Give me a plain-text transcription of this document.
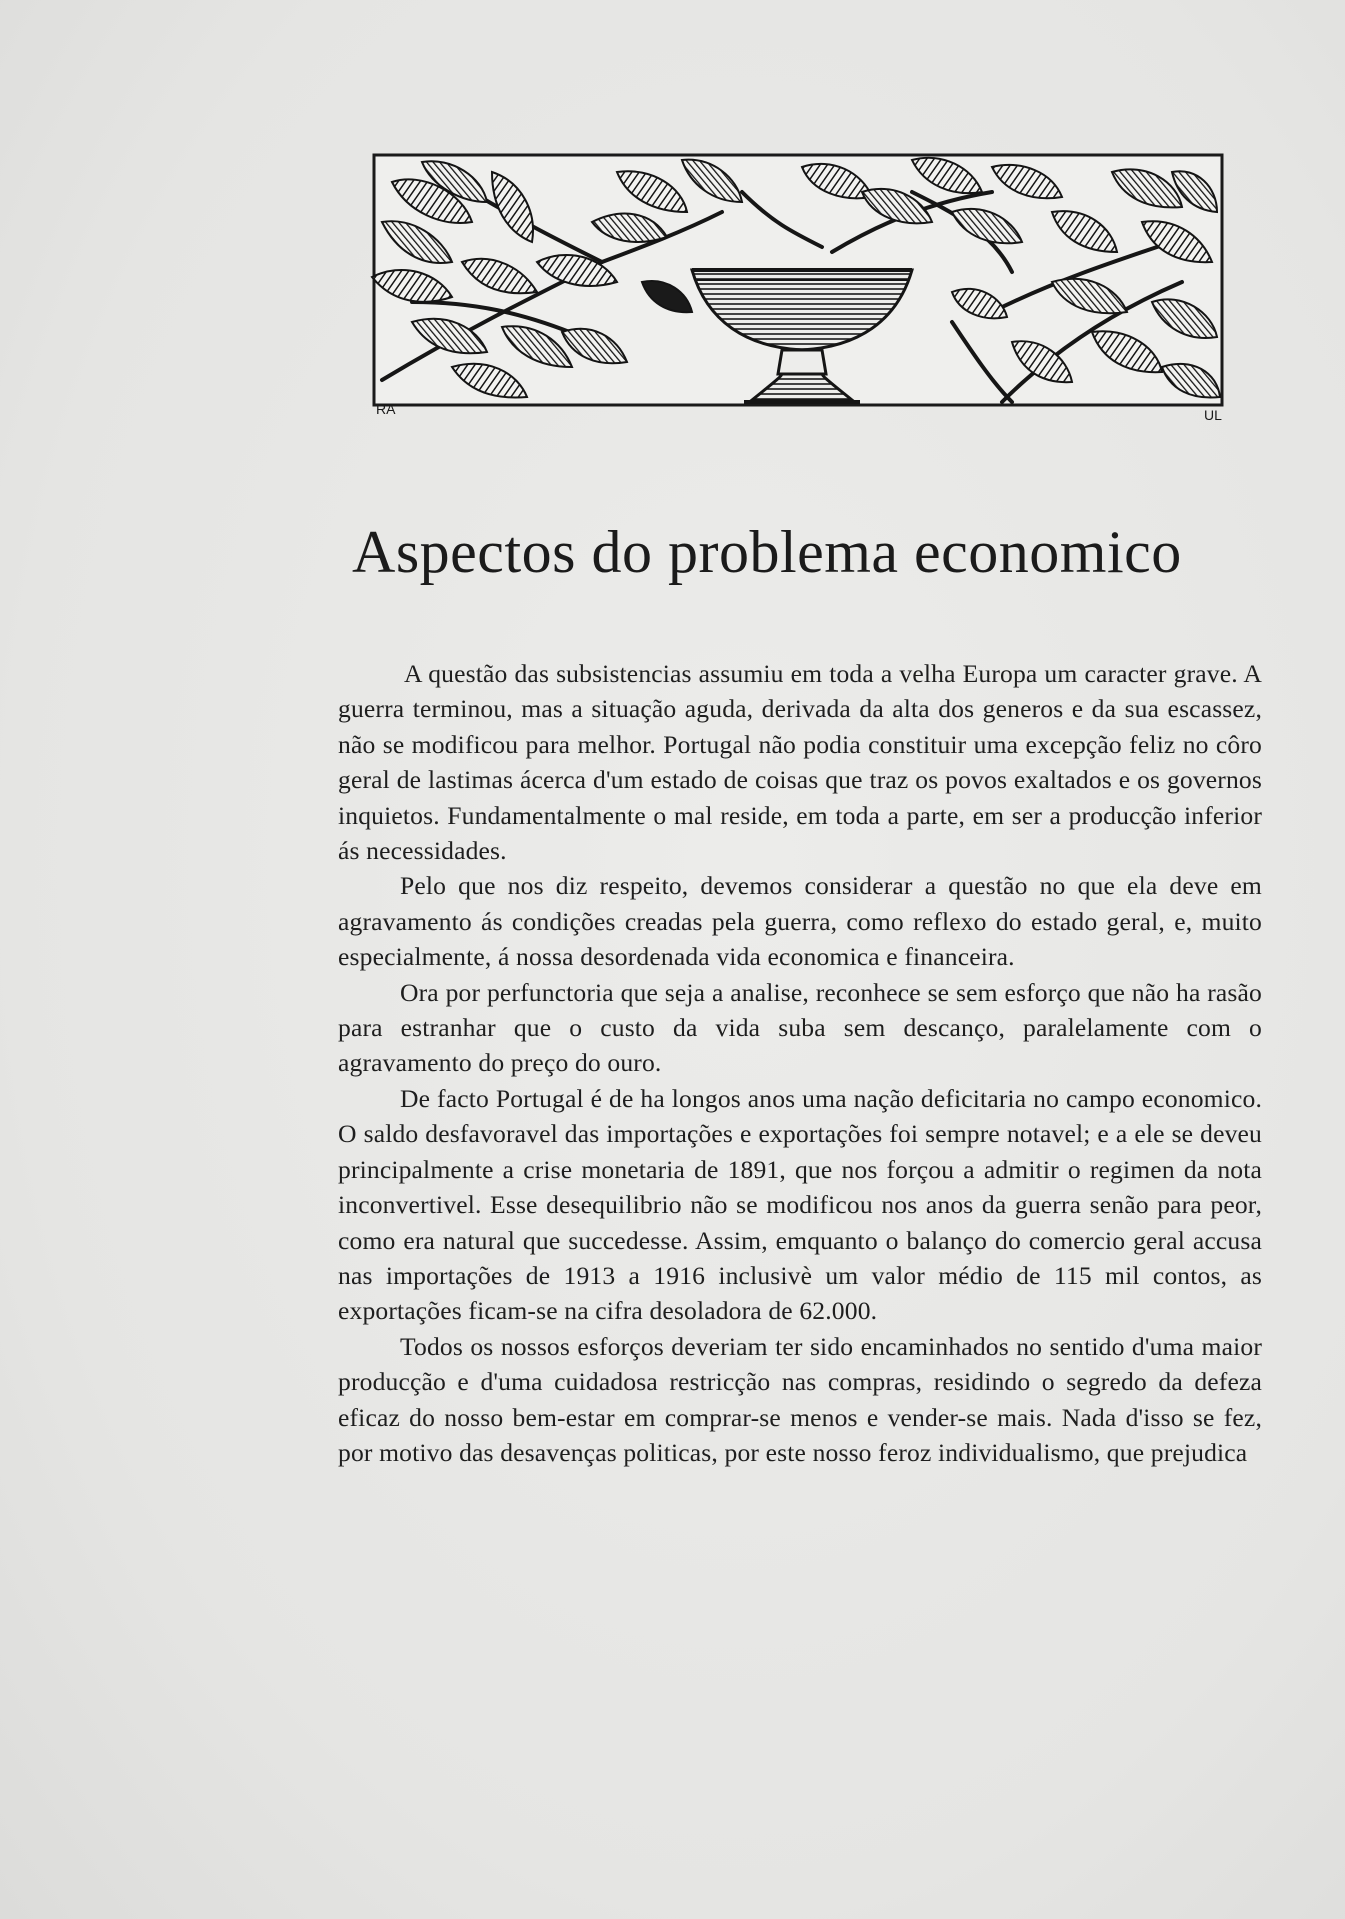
RA	UL
Aspectos do problema economico

A questão das subsistencias assumiu em toda a velha Europa um caracter grave. A guerra terminou, mas a situação aguda, derivada da alta dos generos e da sua escassez, não se modificou para melhor. Portugal não podia constituir uma excepção feliz no côro geral de lastimas ácerca d'um estado de coisas que traz os povos exaltados e os governos inquietos. Fundamentalmente o mal reside, em toda a parte, em ser a producção inferior ás necessidades.

Pelo que nos diz respeito, devemos considerar a questão no que ela deve em agravamento ás condições creadas pela guerra, como reflexo do estado geral, e, muito especialmente, á nossa desordenada vida economica e financeira.

Ora por perfunctoria que seja a analise, reconhece se sem esforço que não ha rasão para estranhar que o custo da vida suba sem descanço, paralelamente com o agravamento do preço do ouro.

De facto Portugal é de ha longos anos uma nação deficitaria no campo economico. O saldo desfavoravel das importações e exportações foi sempre notavel; e a ele se deveu principalmente a crise monetaria de 1891, que nos forçou a admitir o regimen da nota inconvertivel. Esse desequilibrio não se modificou nos anos da guerra senão para peor, como era natural que succedesse. Assim, emquanto o balanço do comercio geral accusa nas importações de 1913 a 1916 inclusivè um valor médio de 115 mil contos, as exportações ficam-se na cifra desoladora de 62.000.

Todos os nossos esforços deveriam ter sido encaminhados no sentido d'uma maior producção e d'uma cuidadosa restricção nas compras, residindo o segredo da defeza eficaz do nosso bem-estar em comprar-se menos e vender-se mais. Nada d'isso se fez, por motivo das desavenças politicas, por este nosso feroz individualismo, que prejudica
